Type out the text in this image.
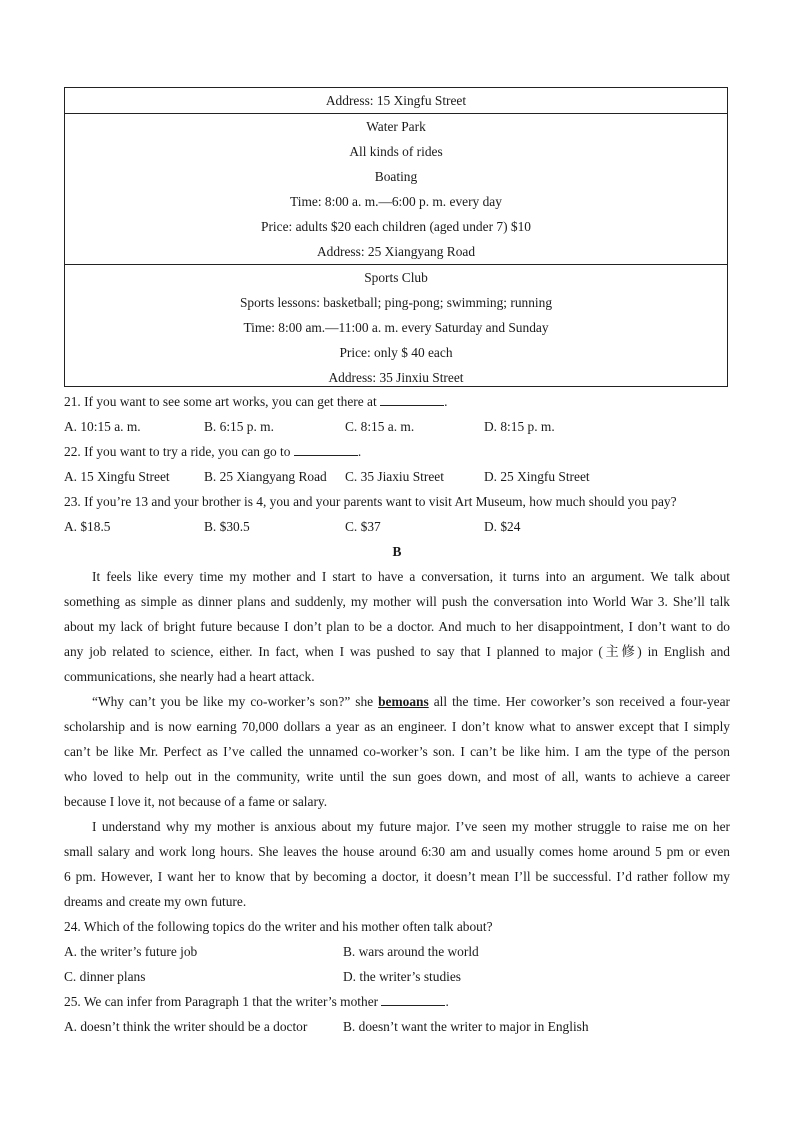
Address: 15 Xingfu Street
Water Park
All kinds of rides
Boating
Time: 8:00 a. m.—6:00 p. m. every day
Price: adults $20 each children (aged under 7) $10
Address: 25 Xiangyang Road
Sports Club
Sports lessons: basketball; ping-pong; swimming; running
Time: 8:00 am.—11:00 a. m. every Saturday and Sunday
Price: only $ 40 each
Address: 35 Jinxiu Street
21. If you want to see some art works, you can get there at	.
A. 10:15 a. m.	B. 6:15 p. m.	C. 8:15 a. m.	D. 8:15 p. m.
22. If you want to try a ride, you can go to	.
A. 15 Xingfu Street	B. 25 Xiangyang Road	C. 35 Jiaxiu Street	D. 25 Xingfu Street
23. If you’re 13 and your brother is 4, you and your parents want to visit Art Museum, how much should you pay?
A. $18.5	B. $30.5	C. $37	D. $24
B
It feels like every time my mother and I start to have a conversation, it turns into an argument. We talk about
something as simple as dinner plans and suddenly, my mother will push the conversation into World War 3. She’ll talk
about my lack of bright future because I don’t plan to be a doctor. And much to her disappointment, I don’t want to do
any job related to science, either. In fact, when I was pushed to say that I planned to major (主修) in English and
communications, she nearly had a heart attack.
“Why can’t you be like my co-worker’s son?” she bemoans all the time. Her coworker’s son received a four-year
scholarship and is now earning 70,000 dollars a year as an engineer. I don’t know what to answer except that I simply
can’t be like Mr. Perfect as I’ve called the unnamed co-worker’s son. I can’t be like him. I am the type of the person
who loved to help out in the community, write until the sun goes down, and most of all, wants to achieve a career
because I love it, not because of a fame or salary.
I understand why my mother is anxious about my future major. I’ve seen my mother struggle to raise me on her
small salary and work long hours. She leaves the house around 6:30 am and usually comes home around 5 pm or even
6 pm. However, I want her to know that by becoming a doctor, it doesn’t mean I’ll be successful. I’d rather follow my
dreams and create my own future.
24. Which of the following topics do the writer and his mother often talk about?
A. the writer’s future job	B. wars around the world
C. dinner plans	D. the writer’s studies
25. We can infer from Paragraph 1 that the writer’s mother	.
A. doesn’t think the writer should be a doctor	B. doesn’t want the writer to major in English
